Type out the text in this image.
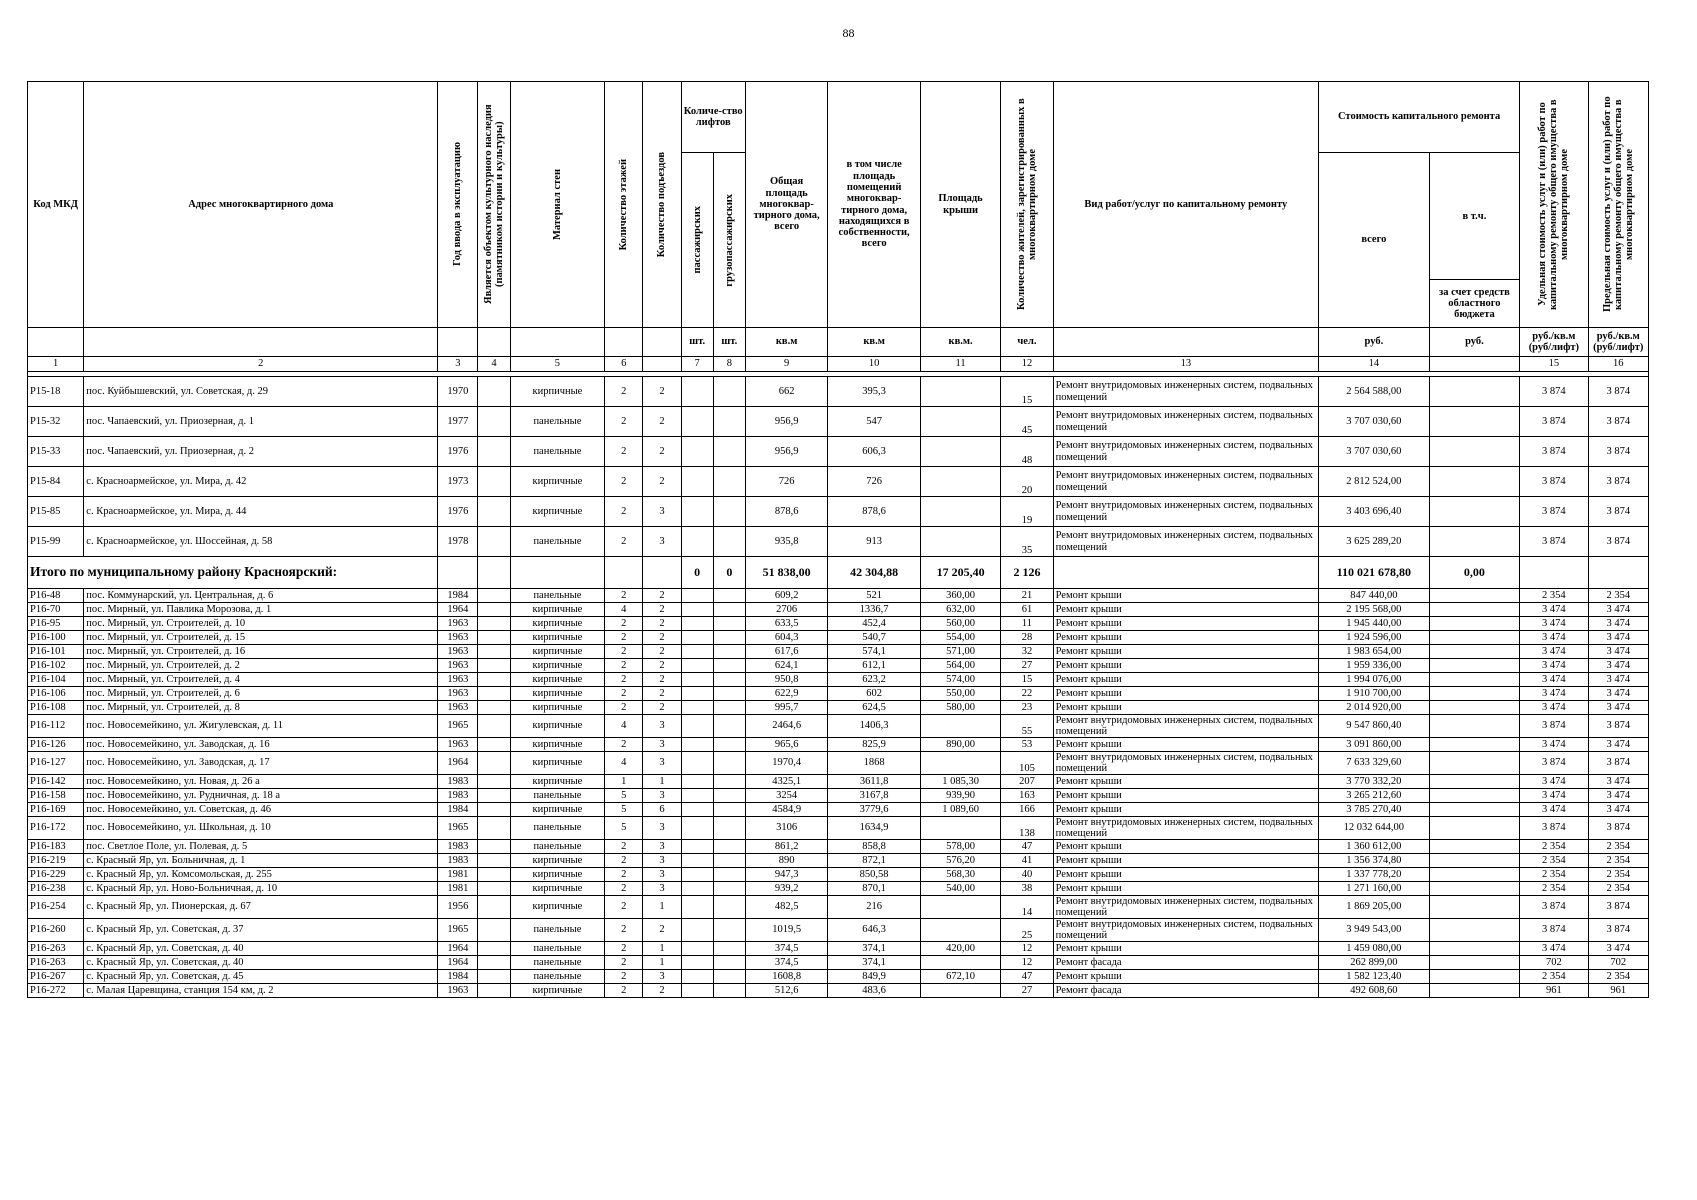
88
Код МКД	Адрес многоквартирного дома	Год ввода в эксплуатацию	Является объектом культурного наследия (памятником истории и культуры)	Материал стен	Количество этажей	Количество подъездов	Количе-ство лифтов		Общая площадь многоквар-тирного дома, всего	в том числе площадь помещений многоквар-тирного дома, находящихся в собственности, всего	Площадь крыши	Количество жителей, зарегистрированных в многоквартирном доме	Вид работ/услуг по капитальному ремонту	Стоимость капитального ремонта		Удельная стоимость услуг и (или) работ по капитальному ремонту общего имущества в многоквартирном доме	Предельная стоимость услуг и (или) работ по капитальному ремонту общего имущества в многоквартирном доме

							пассажирских	грузопассажирских						всего	в т.ч.		
															за счет средств областного бюджета		
							шт.	шт.	кв.м	кв.м	кв.м.	чел.		руб.	руб.	руб./кв.м (руб/лифт)	руб./кв.м (руб/лифт)
1	2	3	4	5	6		7	8	9	10	11	12	13	14		15	16

Р15-18	пос. Куйбышевский, ул. Советская, д. 29	1970		кирпичные	2	2			662	395,3		15	Ремонт внутридомовых инженерных систем, подвальных помещений	2 564 588,00		3 874	3 874
Р15-32	пос. Чапаевский, ул. Приозерная, д. 1	1977		панельные	2	2			956,9	547		45	Ремонт внутридомовых инженерных систем, подвальных помещений	3 707 030,60		3 874	3 874
Р15-33	пос. Чапаевский, ул. Приозерная, д. 2	1976		панельные	2	2			956,9	606,3		48	Ремонт внутридомовых инженерных систем, подвальных помещений	3 707 030,60		3 874	3 874
Р15-84	с. Красноармейское, ул. Мира, д. 42	1973		кирпичные	2	2			726	726		20	Ремонт внутридомовых инженерных систем, подвальных помещений	2 812 524,00		3 874	3 874
Р15-85	с. Красноармейское, ул. Мира, д. 44	1976		кирпичные	2	3			878,6	878,6		19	Ремонт внутридомовых инженерных систем, подвальных помещений	3 403 696,40		3 874	3 874
Р15-99	с. Красноармейское, ул. Шоссейная, д. 58	1978		панельные	2	3			935,8	913		35	Ремонт внутридомовых инженерных систем, подвальных помещений	3 625 289,20		3 874	3 874
Итого по муниципальному району Красноярский:							0	0	51 838,00	42 304,88	17 205,40	2 126		110 021 678,80	0,00		
Р16-48	пос. Коммунарский, ул. Центральная, д. 6	1984		панельные	2	2			609,2	521	360,00	21	Ремонт крыши	847 440,00		2 354	2 354
Р16-70	пос. Мирный, ул. Павлика Морозова, д. 1	1964		кирпичные	4	2			2706	1336,7	632,00	61	Ремонт крыши	2 195 568,00		3 474	3 474
Р16-95	пос. Мирный, ул. Строителей, д. 10	1963		кирпичные	2	2			633,5	452,4	560,00	11	Ремонт крыши	1 945 440,00		3 474	3 474
Р16-100	пос. Мирный, ул. Строителей, д. 15	1963		кирпичные	2	2			604,3	540,7	554,00	28	Ремонт крыши	1 924 596,00		3 474	3 474
Р16-101	пос. Мирный, ул. Строителей, д. 16	1963		кирпичные	2	2			617,6	574,1	571,00	32	Ремонт крыши	1 983 654,00		3 474	3 474
Р16-102	пос. Мирный, ул. Строителей, д. 2	1963		кирпичные	2	2			624,1	612,1	564,00	27	Ремонт крыши	1 959 336,00		3 474	3 474
Р16-104	пос. Мирный, ул. Строителей, д. 4	1963		кирпичные	2	2			950,8	623,2	574,00	15	Ремонт крыши	1 994 076,00		3 474	3 474
Р16-106	пос. Мирный, ул. Строителей, д. 6	1963		кирпичные	2	2			622,9	602	550,00	22	Ремонт крыши	1 910 700,00		3 474	3 474
Р16-108	пос. Мирный, ул. Строителей, д. 8	1963		кирпичные	2	2			995,7	624,5	580,00	23	Ремонт крыши	2 014 920,00		3 474	3 474
Р16-112	пос. Новосемейкино, ул. Жигулевская, д. 11	1965		кирпичные	4	3			2464,6	1406,3		55	Ремонт внутридомовых инженерных систем, подвальных помещений	9 547 860,40		3 874	3 874
Р16-126	пос. Новосемейкино, ул. Заводская, д. 16	1963		кирпичные	2	3			965,6	825,9	890,00	53	Ремонт крыши	3 091 860,00		3 474	3 474
Р16-127	пос. Новосемейкино, ул. Заводская, д. 17	1964		кирпичные	4	3			1970,4	1868		105	Ремонт внутридомовых инженерных систем, подвальных помещений	7 633 329,60		3 874	3 874
Р16-142	пос. Новосемейкино, ул. Новая, д. 26 а	1983		кирпичные	1	1			4325,1	3611,8	1 085,30	207	Ремонт крыши	3 770 332,20		3 474	3 474
Р16-158	пос. Новосемейкино, ул. Рудничная, д. 18 а	1983		панельные	5	3			3254	3167,8	939,90	163	Ремонт крыши	3 265 212,60		3 474	3 474
Р16-169	пос. Новосемейкино, ул. Советская, д. 46	1984		кирпичные	5	6			4584,9	3779,6	1 089,60	166	Ремонт крыши	3 785 270,40		3 474	3 474
Р16-172	пос. Новосемейкино, ул. Школьная, д. 10	1965		панельные	5	3			3106	1634,9		138	Ремонт внутридомовых инженерных систем, подвальных помещений	12 032 644,00		3 874	3 874
Р16-183	пос. Светлое Поле, ул. Полевая, д. 5	1983		панельные	2	3			861,2	858,8	578,00	47	Ремонт крыши	1 360 612,00		2 354	2 354
Р16-219	с. Красный Яр, ул. Больничная, д. 1	1983		кирпичные	2	3			890	872,1	576,20	41	Ремонт крыши	1 356 374,80		2 354	2 354
Р16-229	с. Красный Яр, ул. Комсомольская, д. 255	1981		кирпичные	2	3			947,3	850,58	568,30	40	Ремонт крыши	1 337 778,20		2 354	2 354
Р16-238	с. Красный Яр, ул. Ново-Больничная, д. 10	1981		кирпичные	2	3			939,2	870,1	540,00	38	Ремонт крыши	1 271 160,00		2 354	2 354
Р16-254	с. Красный Яр, ул. Пионерская, д. 67	1956		кирпичные	2	1			482,5	216		14	Ремонт внутридомовых инженерных систем, подвальных помещений	1 869 205,00		3 874	3 874
Р16-260	с. Красный Яр, ул. Советская, д. 37	1965		панельные	2	2			1019,5	646,3		25	Ремонт внутридомовых инженерных систем, подвальных помещений	3 949 543,00		3 874	3 874
Р16-263	с. Красный Яр, ул. Советская, д. 40	1964		панельные	2	1			374,5	374,1	420,00	12	Ремонт крыши	1 459 080,00		3 474	3 474
Р16-263	с. Красный Яр, ул. Советская, д. 40	1964		панельные	2	1			374,5	374,1		12	Ремонт фасада	262 899,00		702	702
Р16-267	с. Красный Яр, ул. Советская, д. 45	1984		панельные	2	3			1608,8	849,9	672,10	47	Ремонт крыши	1 582 123,40		2 354	2 354
Р16-272	с. Малая Царевщина, станция 154 км, д. 2	1963		кирпичные	2	2			512,6	483,6		27	Ремонт фасада	492 608,60		961	961
